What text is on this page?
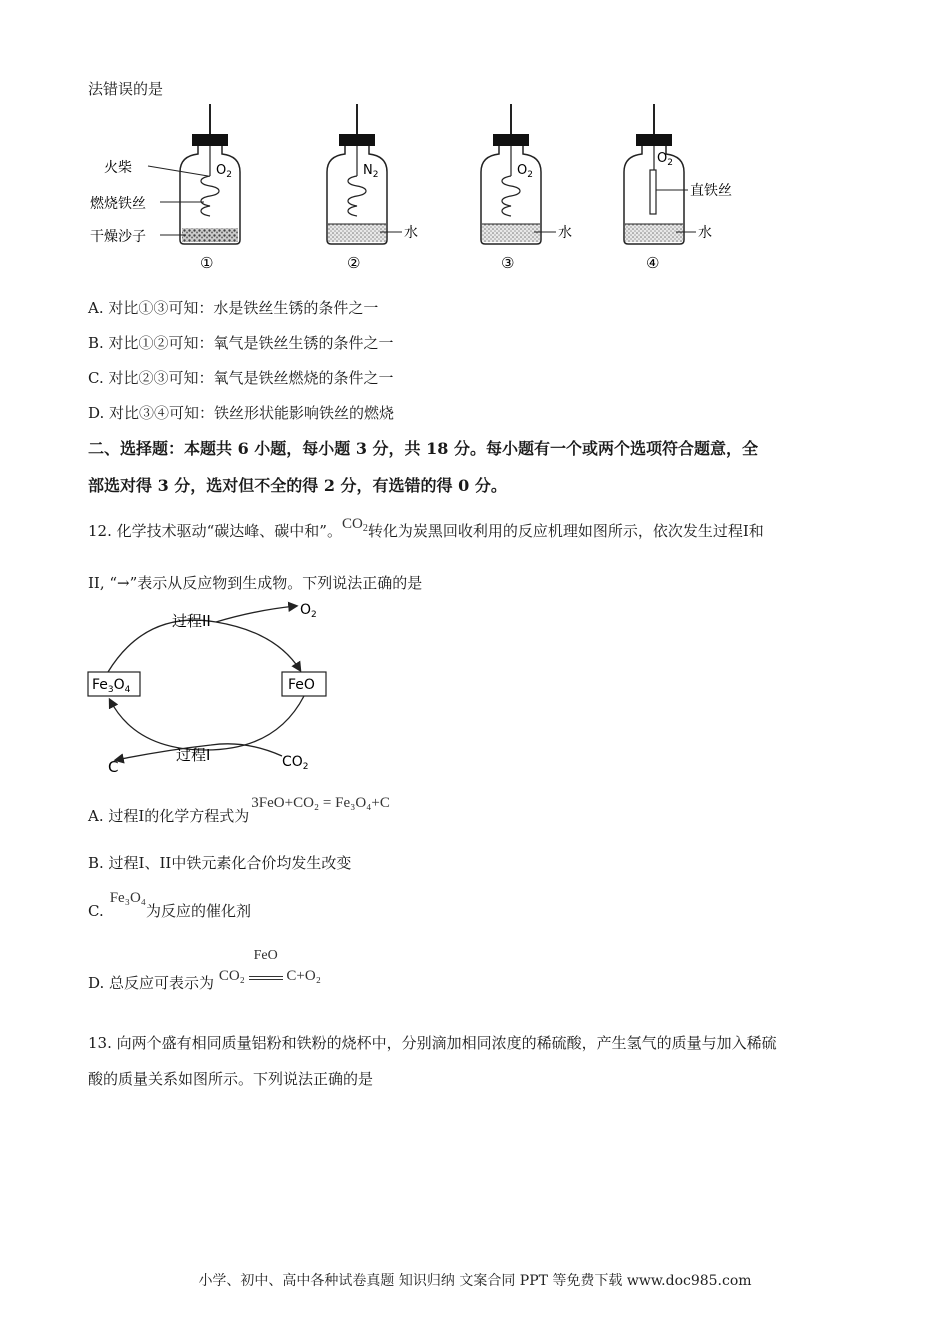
法错误的是
$O_2$
火柴
燃烧铁丝
干燥沙子
①
$N_2$
水
②
$O_2$
水
③
$O_2$
直铁丝
水
④
A. 对比①③可知：水是铁丝生锈的条件之一
B. 对比①②可知：氧气是铁丝生锈的条件之一
C. 对比②③可知：氧气是铁丝燃烧的条件之一
D. 对比③④可知：铁丝形状能影响铁丝的燃烧
二、选择题：本题共 6 小题，每小题 3 分，共 18 分。每小题有一个或两个选项符合题意，全
部选对得 3 分，选对但不全的得 2 分，有选错的得 0 分。
12. 化学技术驱动“碳达峰、碳中和”。$CO_2$转化为炭黑回收利用的反应机理如图所示，依次发生过程I和
II, “→”表示从反应物到生成物。下列说法正确的是
过程II
过程I
$O_2$
$Fe_3O_4$	FeO
C	$CO_2$
A. 过程I的化学方程式为3FeO+CO₂ = Fe₃O₄+C
B. 过程I、II中铁元素化合价均发生改变
C.Fe₃O₄为反应的催化剂
D. 总反应可表示为 CO₂
FeO
C+O₂
13. 向两个盛有相同质量铝粉和铁粉的烧杯中，分别滴加相同浓度的稀硫酸，产生氢气的质量与加入稀硫
酸的质量关系如图所示。下列说法正确的是
小学、初中、高中各种试卷真题 知识归纳 文案合同 PPT 等免费下载 www.doc985.com
